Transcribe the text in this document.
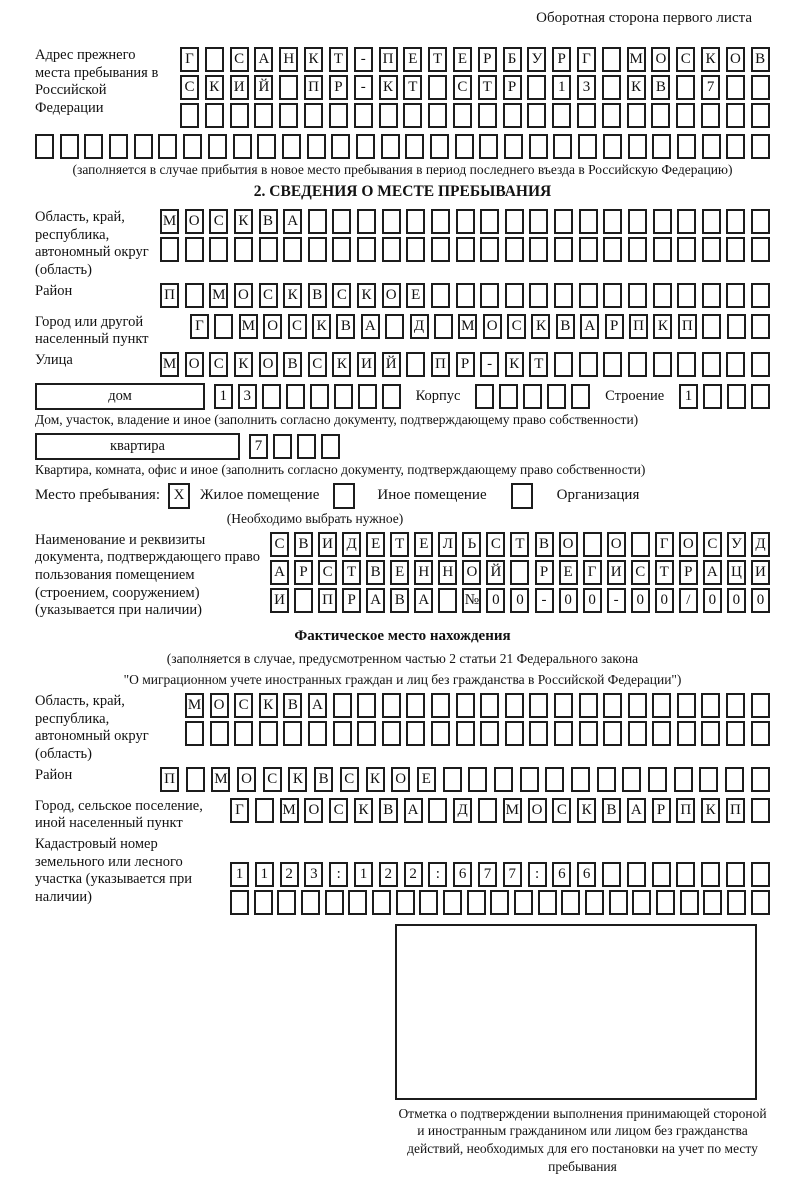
Оборотная сторона первого листа
Адрес прежнего места пребывания в Российской Федерации
Г	С А Н К	Т	-	П Е	Т	Е	Р	Б	У	Р	Г	М О С К О В
С К И Й	П	Р	-	К	Т	С	Т	Р	1	3	К В	7
(заполняется в случае прибытия в новое место пребывания в период последнего въезда в Российскую Федерацию)
2. СВЕДЕНИЯ О МЕСТЕ ПРЕБЫВАНИЯ
Область, край, республика, автономный округ (область)
М О С К В А
Район	П М О С К В С К О Е
Город или другой населенный пункт
Г	М О С К В А	Д М О С К В А Р П К П
Улица	М О С К О В С К И Й	П	Р	-	К	Т
дом	1	3	Корпус	Строение	1
Дом, участок, владение и иное (заполнить согласно документу, подтверждающему право собственности)
квартира	7
Квартира, комната, офис и иное (заполнить согласно документу, подтверждающему право собственности)
Место пребывания: X	Жилое помещение	Иное помещение	Организация
(Необходимо выбрать нужное)
Наименование и реквизиты документа, подтверждающего право пользования помещением (строением, сооружением) (указывается при наличии)
С В И Д Е Т Е Л Ь С Т В О О	Г О С У Д
А Р С Т В Е Н Н О Й	Р	Е	Г И С Т	Р А Ц И
И П Р А В А № 0	0	-	0	0	-	0	0	/	0	0	0
Фактическое место нахождения
(заполняется в случае, предусмотренном частью 2 статьи 21 Федерального закона
"О миграционном учете иностранных граждан и лиц без гражданства в Российской Федерации")
Область, край, республика, автономный округ (область)
М О С К В А
Район	П	М О С	К	В	С	К	О	Е
Город, сельское поселение, иной населенный пункт
Г	М О С К В А	Д	М О С К В А	Р	П К П
Кадастровый номер земельного или лесного участка (указывается при наличии)
1	1	2	3	:	1	2	2	:	6	7	7	:	6	6
Отметка о подтверждении выполнения принимающей стороной и иностранным гражданином или лицом без гражданства действий, необходимых для его постановки на учет по месту пребывания
